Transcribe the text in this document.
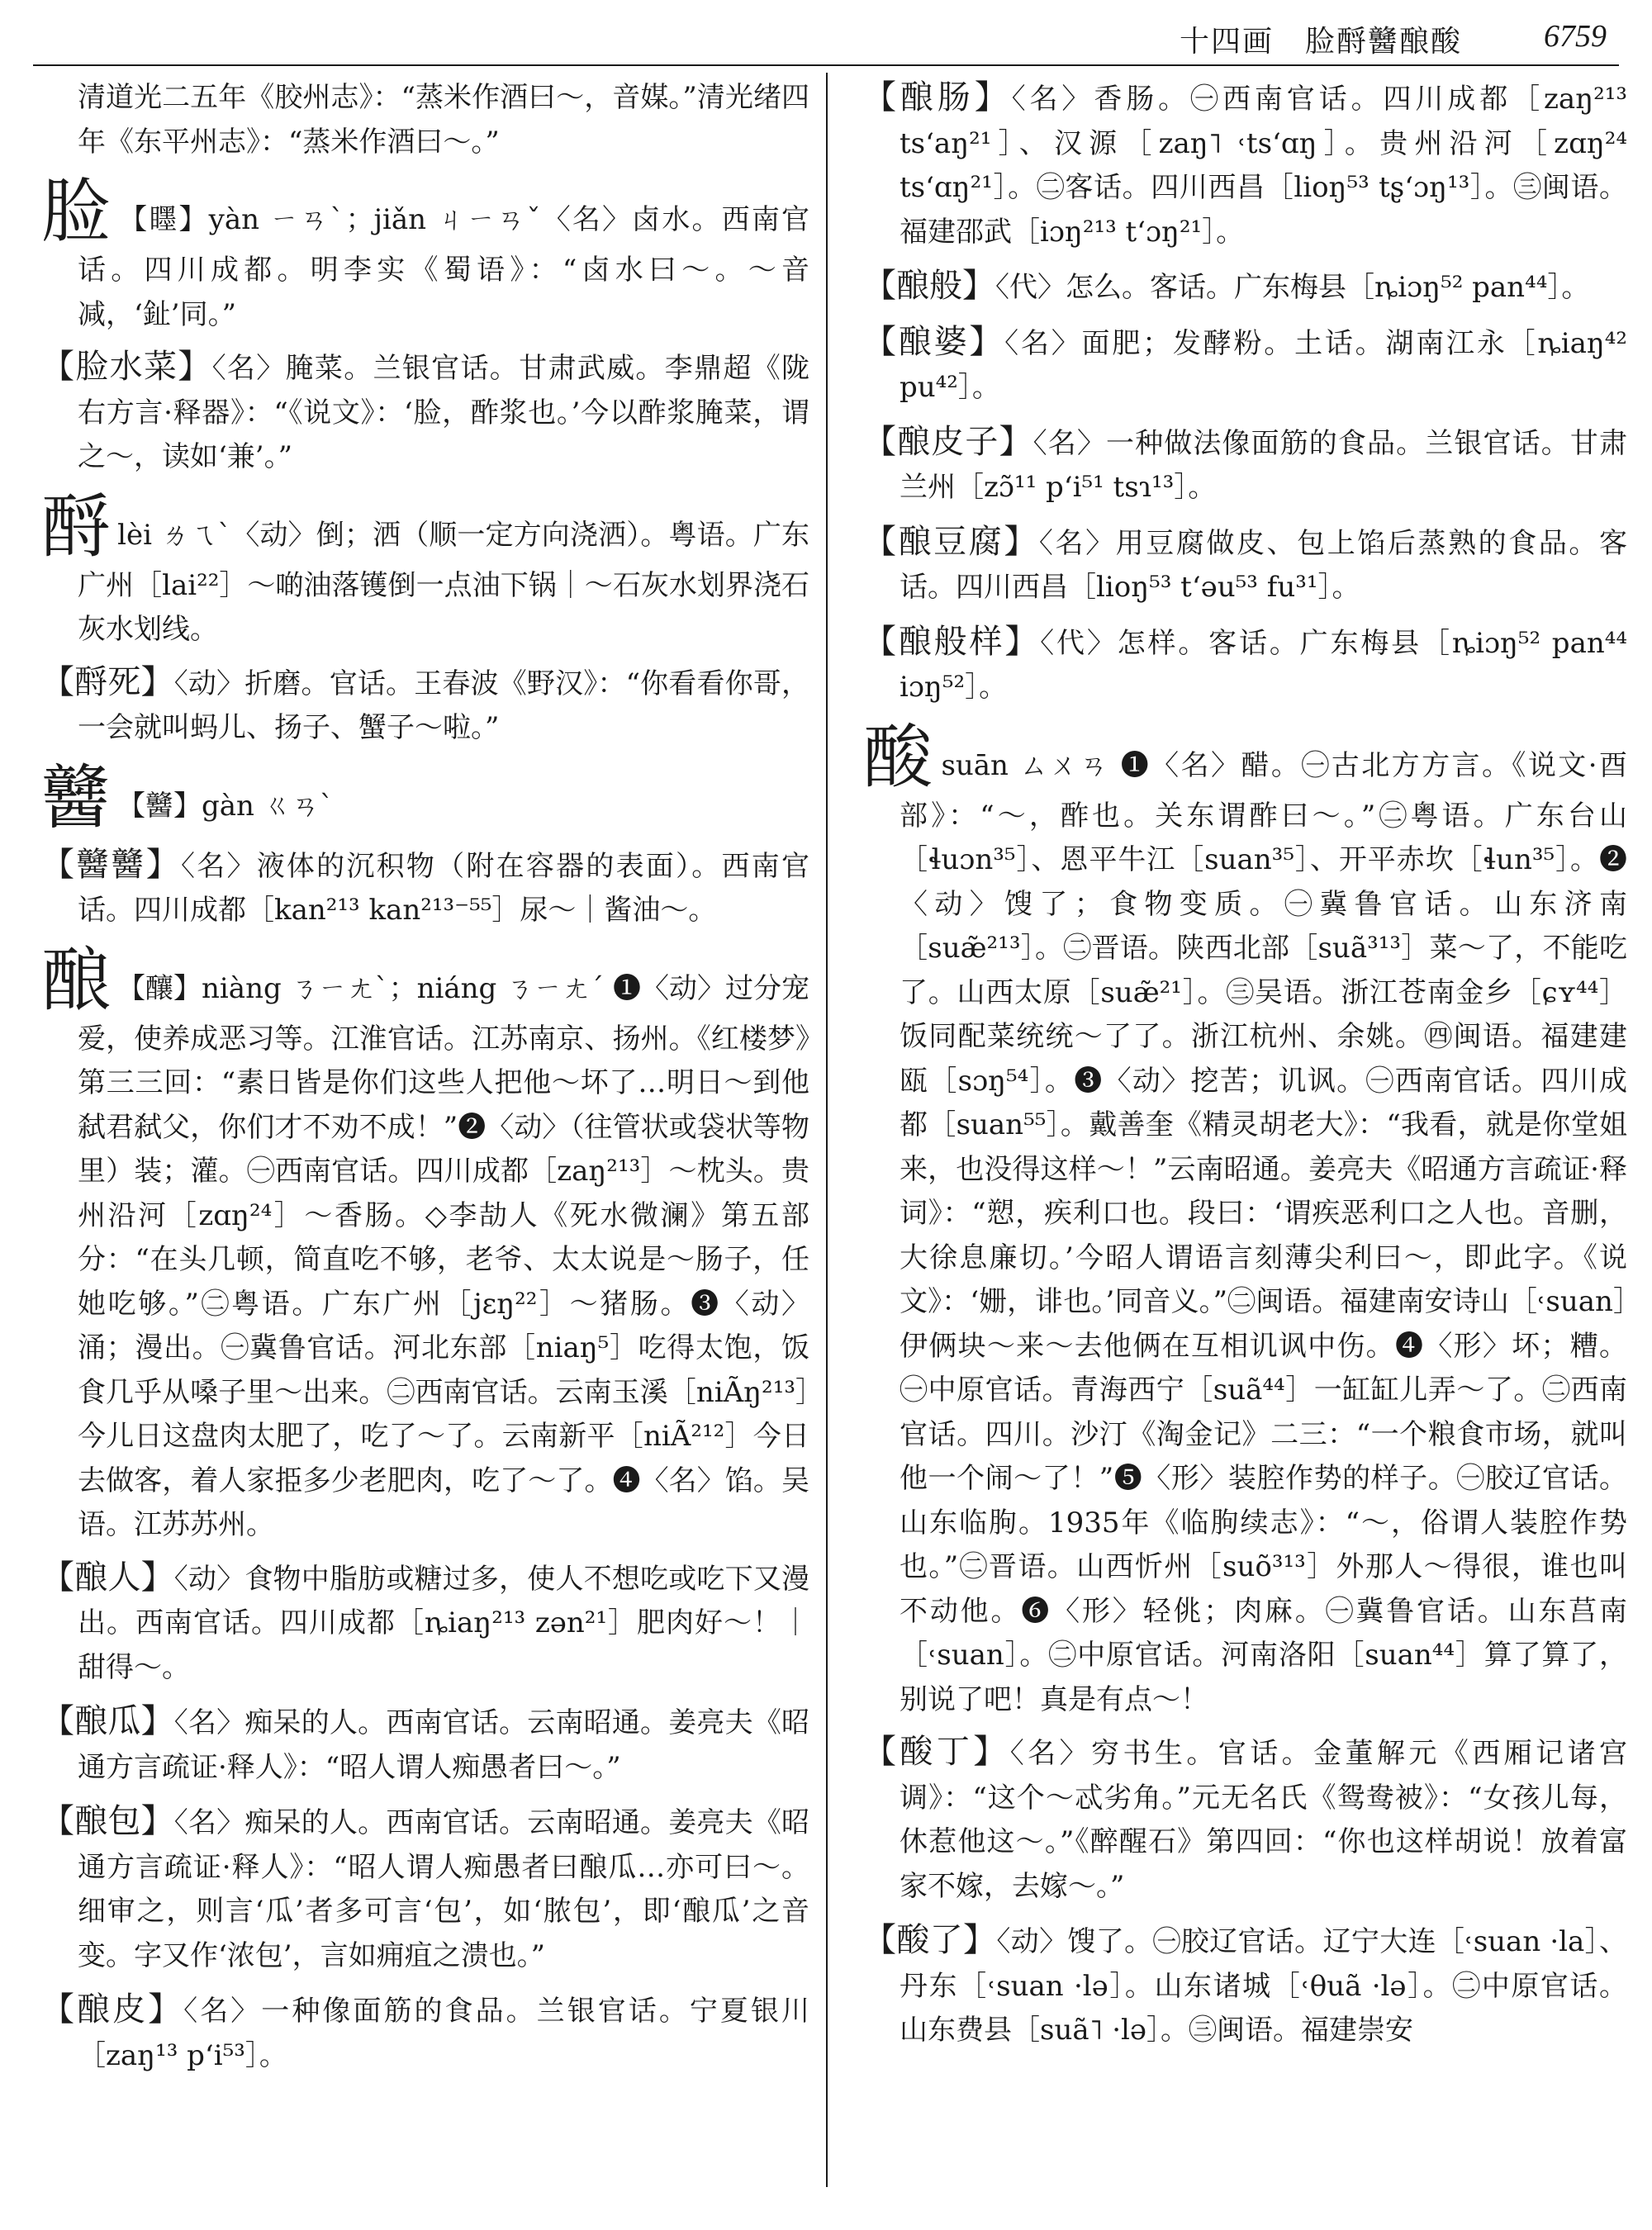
十四画　脸酹䤗酿酸	6759

清道光二五年《胶州志》：“蒸米作酒曰～，音媒。”清光绪四年《东平州志》：“蒸米作酒曰～。”

脸 【䁼】yàn ㄧㄢˋ；jiǎn ㄐㄧㄢˇ〈名〉卤水。西南官话。四川成都。明李实《蜀语》：“卤水曰～。～音减，‘䤠’同。”

【脸水菜】〈名〉腌菜。兰银官话。甘肃武威。李鼎超《陇右方言·释器》：“《说文》：‘脸，酢浆也。’今以酢浆腌菜，谓之～，读如‘兼’。”

酹lèi ㄌㄟˋ〈动〉倒；洒（顺一定方向浇洒）。粤语。广东广州［lai²²］～啲油落镬倒一点油下锅｜～石灰水划界浇石灰水划线。

【酹死】〈动〉折磨。官话。王春波《野汉》：“你看看你哥，一会就叫蚂儿、扬子、蟹子～啦。”

䤗 【䤗】gàn ㄍㄢˋ

【䤗䤗】〈名〉液体的沉积物（附在容器的表面）。西南官话。四川成都［kan²¹³ kan²¹³⁻⁵⁵］尿～｜酱油～。

酿 【釀】niàng ㄋㄧㄤˋ；niáng ㄋㄧㄤˊ ❶〈动〉过分宠爱，使养成恶习等。江淮官话。江苏南京、扬州。《红楼梦》第三三回：“素日皆是你们这些人把他～坏了…明日～到他弑君弑父，你们才不劝不成！”❷〈动〉（往管状或袋状等物里）装；灌。㊀西南官话。四川成都［zaŋ²¹³］～枕头。贵州沿河［zɑŋ²⁴］～香肠。◇李劼人《死水微澜》第五部分：“在头几顿，简直吃不够，老爷、太太说是～肠子，任她吃够。”㊁粤语。广东广州［jɛŋ²²］～猪肠。❸〈动〉涌；漫出。㊀冀鲁官话。河北东部［niaŋ⁵］吃得太饱，饭食几乎从嗓子里～出来。㊁西南官话。云南玉溪［niÃŋ²¹³］今儿日这盘肉太肥了，吃了～了。云南新平［niÃ²¹²］今日去做客，着人家挋多少老肥肉，吃了～了。❹〈名〉馅。吴语。江苏苏州。

【酿人】〈动〉食物中脂肪或糖过多，使人不想吃或吃下又漫出。西南官话。四川成都［ȵiaŋ²¹³ zən²¹］肥肉好～！｜甜得～。

【酿瓜】〈名〉痴呆的人。西南官话。云南昭通。姜亮夫《昭通方言疏证·释人》：“昭人谓人痴愚者曰～。”

【酿包】〈名〉痴呆的人。西南官话。云南昭通。姜亮夫《昭通方言疏证·释人》：“昭人谓人痴愚者曰酿瓜…亦可曰～。细审之，则言‘瓜’者多可言‘包’，如‘脓包’，即‘酿瓜’之音变。字又作‘浓包’，言如痈疽之溃也。”

【酿皮】〈名〉一种像面筋的食品。兰银官话。宁夏银川［zaŋ¹³ p‘i⁵³］。

【酿肠】〈名〉香肠。㊀西南官话。四川成都［zaŋ²¹³ ts‘aŋ²¹］、汉源［zaŋ˥ ˓ts‘ɑŋ］。贵州沿河［zɑŋ²⁴ ts‘ɑŋ²¹］。㊁客话。四川西昌［lioŋ⁵³ tʂ‘ɔŋ¹³］。㊂闽语。福建邵武［iɔŋ²¹³ t‘ɔŋ²¹］。

【酿般】〈代〉怎么。客话。广东梅县［ȵiɔŋ⁵² pan⁴⁴］。

【酿婆】〈名〉面肥；发酵粉。土话。湖南江永［ȵiaŋ⁴² pu⁴²］。

【酿皮子】〈名〉一种做法像面筋的食品。兰银官话。甘肃兰州［zɔ̃¹¹ p‘i⁵¹ tsɿ¹³］。

【酿豆腐】〈名〉用豆腐做皮、包上馅后蒸熟的食品。客话。四川西昌［lioŋ⁵³ t‘əu⁵³ fu³¹］。

【酿般样】〈代〉怎样。客话。广东梅县［ȵiɔŋ⁵² pan⁴⁴ iɔŋ⁵²］。

酸suān ㄙㄨㄢ ❶〈名〉醋。㊀古北方方言。《说文·酉部》：“～，酢也。关东谓酢曰～。”㊁粤语。广东台山［ɬuɔn³⁵］、恩平牛江［suan³⁵］、开平赤坎［ɬun³⁵］。❷〈动〉馊了；食物变质。㊀冀鲁官话。山东济南［suæ̃²¹³］。㊁晋语。陕西北部［suã³¹³］菜～了，不能吃了。山西太原［suæ̃²¹］。㊂吴语。浙江苍南金乡［ɕʏ⁴⁴］饭同配菜统统～了了。浙江杭州、余姚。㊃闽语。福建建瓯［sɔŋ⁵⁴］。❸〈动〉挖苦；讥讽。㊀西南官话。四川成都［suan⁵⁵］。戴善奎《精灵胡老大》：“我看，就是你堂姐来，也没得这样～！”云南昭通。姜亮夫《昭通方言疏证·释词》：“愬，疾利口也。段曰：‘谓疾恶利口之人也。音删，大徐息廉切。’今昭人谓语言刻薄尖利曰～，即此字。《说文》：‘姗，诽也。’同音义。”㊁闽语。福建南安诗山［˓suan］伊俩块～来～去他俩在互相讥讽中伤。❹〈形〉坏；糟。㊀中原官话。青海西宁［suã⁴⁴］一缸缸儿弄～了。㊁西南官话。四川。沙汀《淘金记》二三：“一个粮食市场，就叫他一个闹～了！”❺〈形〉装腔作势的样子。㊀胶辽官话。山东临朐。1935年《临朐续志》：“～，俗谓人装腔作势也。”㊁晋语。山西忻州［suõ³¹³］外那人～得很，谁也叫不动他。❻〈形〉轻佻；肉麻。㊀冀鲁官话。山东莒南［˓suan］。㊁中原官话。河南洛阳［suan⁴⁴］算了算了，别说了吧！真是有点～！

【酸丁】〈名〉穷书生。官话。金董解元《西厢记诸宫调》：“这个～忒劣角。”元无名氏《鸳鸯被》：“女孩儿每，休惹他这～。”《醉醒石》第四回：“你也这样胡说！放着富家不嫁，去嫁～。”

【酸了】〈动〉馊了。㊀胶辽官话。辽宁大连［˓suan ·la］、丹东［˓suan ·lə］。山东诸城［˓θuã ·lə］。㊁中原官话。山东费县［suã˥ ·lə］。㊂闽语。福建崇安
